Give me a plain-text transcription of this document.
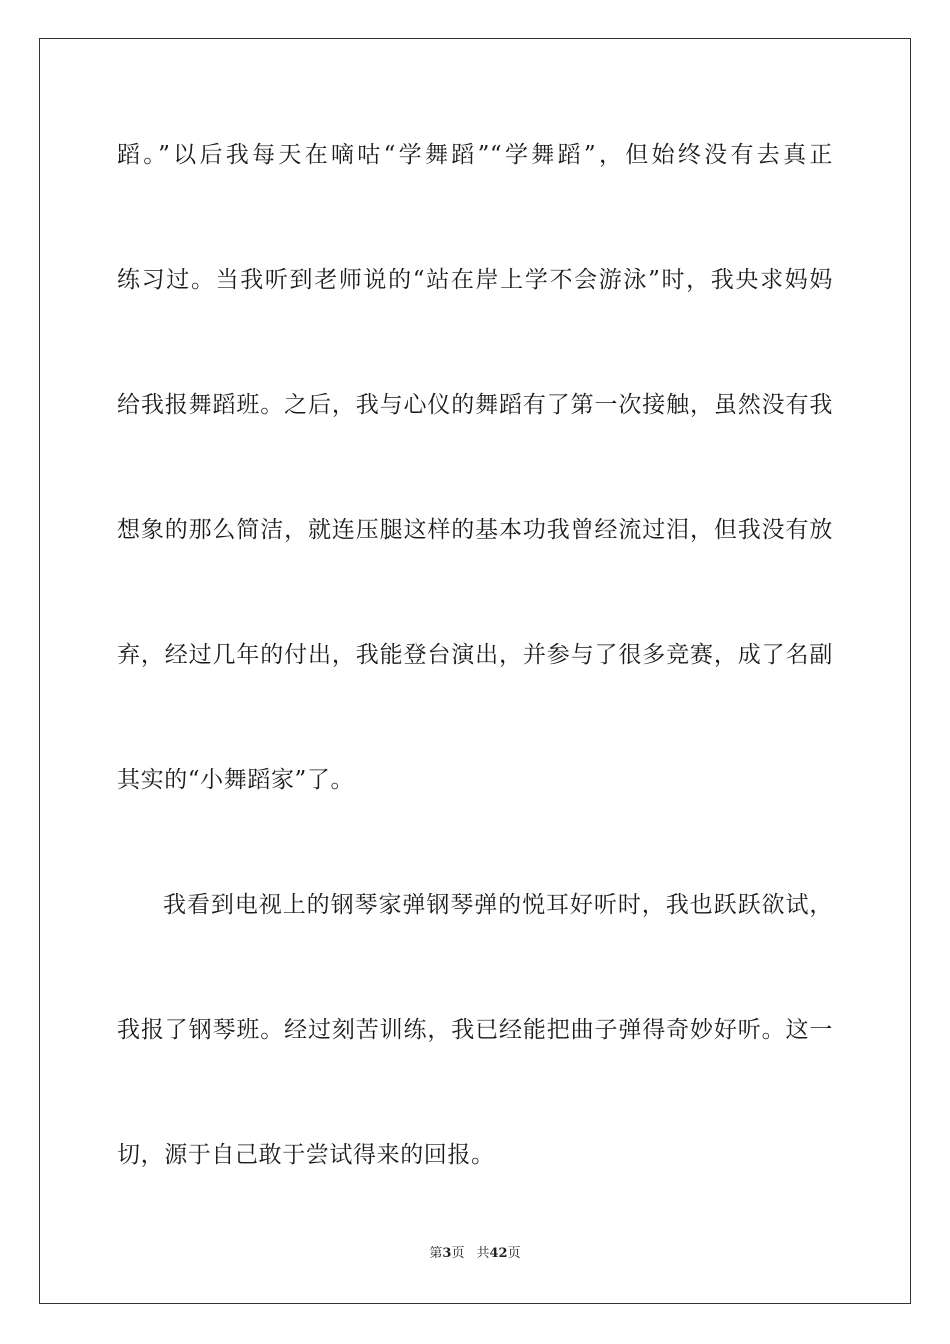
蹈。”以后我每天在嘀咕“学舞蹈”“学舞蹈”，但始终没有去真正
练习过。当我听到老师说的“站在岸上学不会游泳”时，我央求妈妈
给我报舞蹈班。之后，我与心仪的舞蹈有了第一次接触，虽然没有我
想象的那么简洁，就连压腿这样的基本功我曾经流过泪，但我没有放
弃，经过几年的付出，我能登台演出，并参与了很多竞赛，成了名副
其实的“小舞蹈家”了。
我看到电视上的钢琴家弹钢琴弹的悦耳好听时，我也跃跃欲试，
我报了钢琴班。经过刻苦训练，我已经能把曲子弹得奇妙好听。这一
切，源于自己敢于尝试得来的回报。
第3页 共42页
